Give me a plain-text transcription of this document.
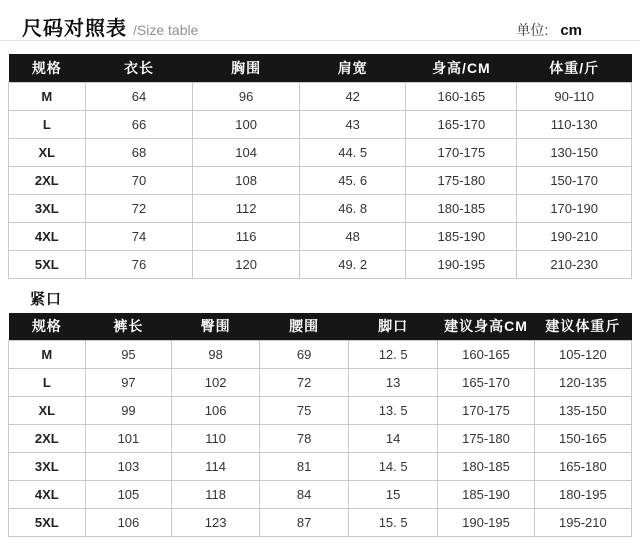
尺码对照表 /Size table	单位: cm
规格	衣长	胸围	肩宽	身高/CM	体重/斤
M	64	96	42	160-165	90-110
L	66	100	43	165-170	110-130
XL	68	104	44. 5	170-175	130-150
2XL	70	108	45. 6	175-180	150-170
3XL	72	112	46. 8	180-185	170-190
4XL	74	116	48	185-190	190-210
5XL	76	120	49. 2	190-195	210-230
紧口
规格	裤长	臀围	腰围	脚口	建议身高CM	建议体重斤
M	95	98	69	12. 5	160-165	105-120
L	97	102	72	13	165-170	120-135
XL	99	106	75	13. 5	170-175	135-150
2XL	101	110	78	14	175-180	150-165
3XL	103	114	81	14. 5	180-185	165-180
4XL	105	118	84	15	185-190	180-195
5XL	106	123	87	15. 5	190-195	195-210
